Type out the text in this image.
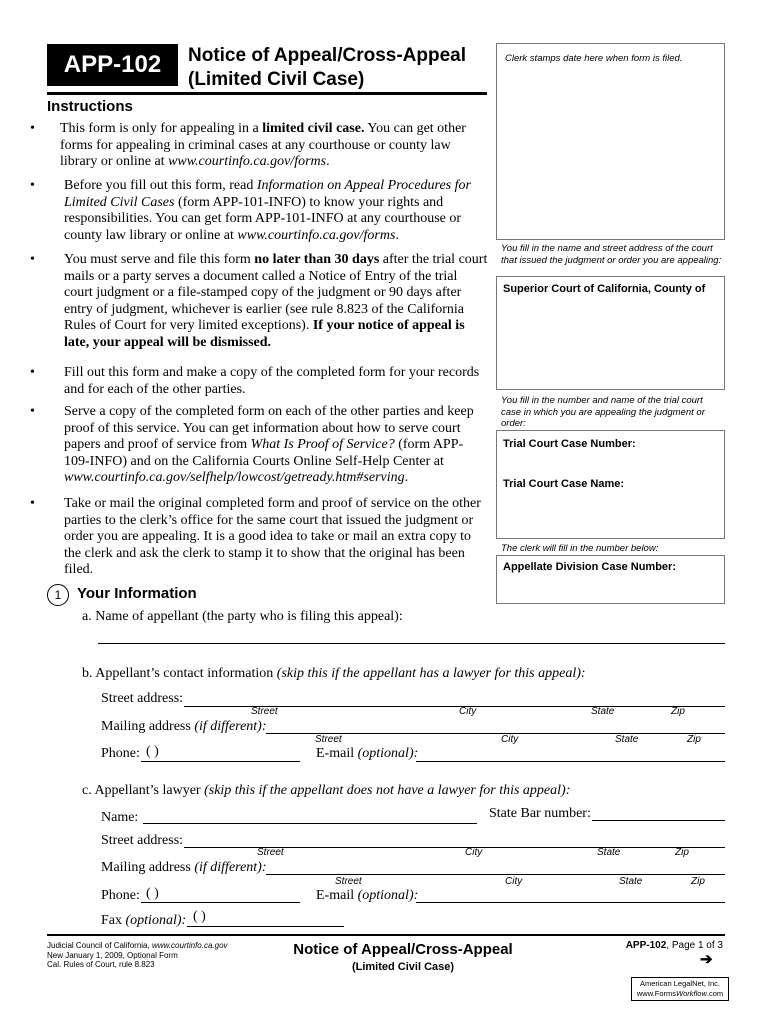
APP-102 Notice of Appeal/Cross-Appeal
(Limited Civil Case)
Instructions
• This form is only for appealing in a limited civil case. You can get other forms for appealing in criminal cases at any courthouse or county law library or online at www.courtinfo.ca.gov/forms.
• Before you fill out this form, read Information on Appeal Procedures for Limited Civil Cases (form APP-101-INFO) to know your rights and responsibilities. You can get form APP-101-INFO at any courthouse or county law library or online at www.courtinfo.ca.gov/forms.
• You must serve and file this form no later than 30 days after the trial court mails or a party serves a document called a Notice of Entry of the trial court judgment or a file-stamped copy of the judgment or 90 days after entry of judgment, whichever is earlier (see rule 8.823 of the California Rules of Court for very limited exceptions). If your notice of appeal is late, your appeal will be dismissed.
• Fill out this form and make a copy of the completed form for your records and for each of the other parties.
• Serve a copy of the completed form on each of the other parties and keep proof of this service. You can get information about how to serve court papers and proof of service from What Is Proof of Service? (form APP-109-INFO) and on the California Courts Online Self-Help Center at www.courtinfo.ca.gov/selfhelp/lowcost/getready.htm#serving.
• Take or mail the original completed form and proof of service on the other parties to the clerk’s office for the same court that issued the judgment or order you are appealing. It is a good idea to take or mail an extra copy to the clerk and ask the clerk to stamp it to show that the original has been filed.
Clerk stamps date here when form is filed.
You fill in the name and street address of the court that issued the judgment or order you are appealing:
Superior Court of California, County of
You fill in the number and name of the trial court case in which you are appealing the judgment or order:
Trial Court Case Number:
Trial Court Case Name:
The clerk will fill in the number below:
Appellate Division Case Number:
1 Your Information
a. Name of appellant (the party who is filing this appeal):
b. Appellant’s contact information (skip this if the appellant has a lawyer for this appeal):
Street address:
Street	City	State	Zip
Mailing address (if different):
Street	City	State	Zip
Phone: ( )	E-mail (optional):
c. Appellant’s lawyer (skip this if the appellant does not have a lawyer for this appeal):
Name:	State Bar number:
Street address:
Street	City	State	Zip
Mailing address (if different):
Street	City	State	Zip
Phone: ( )	E-mail (optional):
Fax (optional): ( )
Judicial Council of California, www.courtinfo.ca.gov
New January 1, 2009, Optional Form
Cal. Rules of Court, rule 8.823
Notice of Appeal/Cross-Appeal
(Limited Civil Case)
APP-102, Page 1 of 3
➔
American LegalNet, Inc.
www.FormsWorkflow.com
